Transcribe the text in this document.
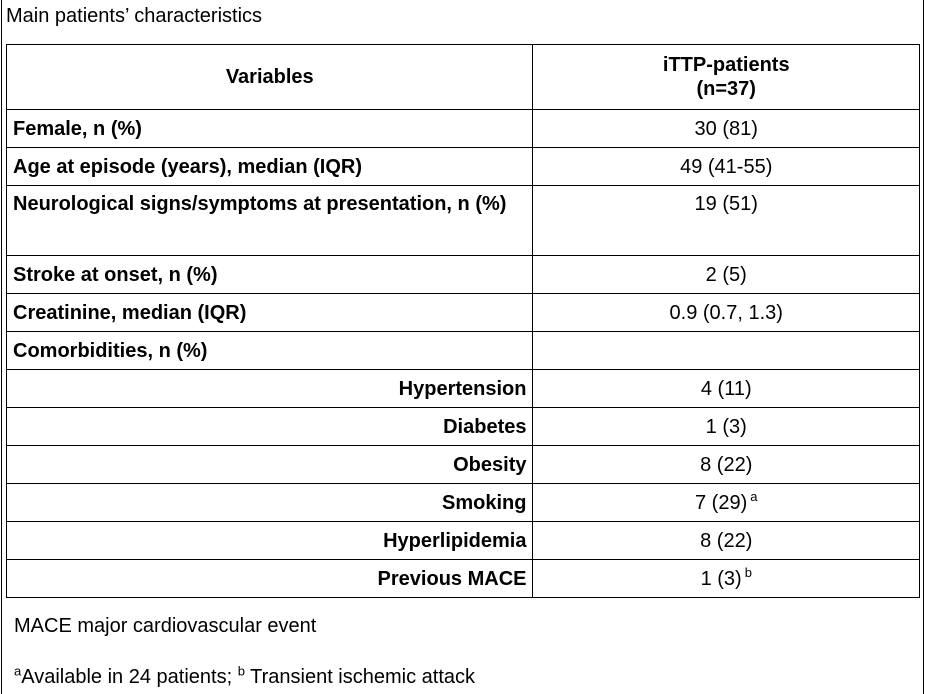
Main patients’ characteristics
Variables	iTTP-patients
(n=37)

Female, n (%)	30 (81)
Age at episode (years), median (IQR)	49 (41-55)
Neurological signs/symptoms at presentation, n (%)	19 (51)
Stroke at onset, n (%)	2 (5)
Creatinine, median (IQR)	0.9 (0.7, 1.3)
Comorbidities, n (%)	
Hypertension	4 (11)
Diabetes	1 (3)
Obesity	8 (22)
Smoking	7 (29) $^a$
Hyperlipidemia	8 (22)
Previous MACE	1 (3) $^b$
MACE major cardiovascular event
$^a$Available in 24 patients; $^b$ Transient ischemic attack
